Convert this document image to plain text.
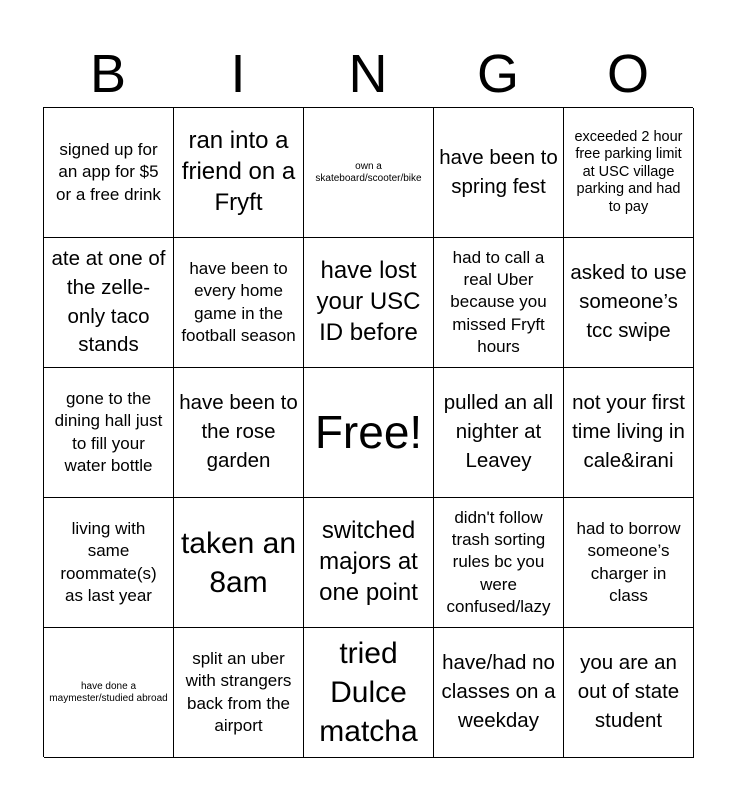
B	I	N	G	O
signed up for an app for $5 or a free drink
ran into a friend on a Fryft
own a skateboard/scooter/bike
have been to spring fest
exceeded 2 hour free parking limit at USC village parking and had to pay
ate at one of the zelle-only taco stands
have been to every home game in the football season
have lost your USC ID before
had to call a real Uber because you missed Fryft hours
asked to use someone’s tcc swipe
gone to the dining hall just to fill your water bottle
have been to the rose garden
Free!
pulled an all nighter at Leavey
not your first time living in cale&irani
living with same roommate(s) as last year
taken an 8am
switched majors at one point
didn't follow trash sorting rules bc you were confused/lazy
had to borrow someone’s charger in class
have done a maymester/studied abroad
split an uber with strangers back from the airport
tried Dulce matcha
have/had no classes on a weekday
you are an out of state student
